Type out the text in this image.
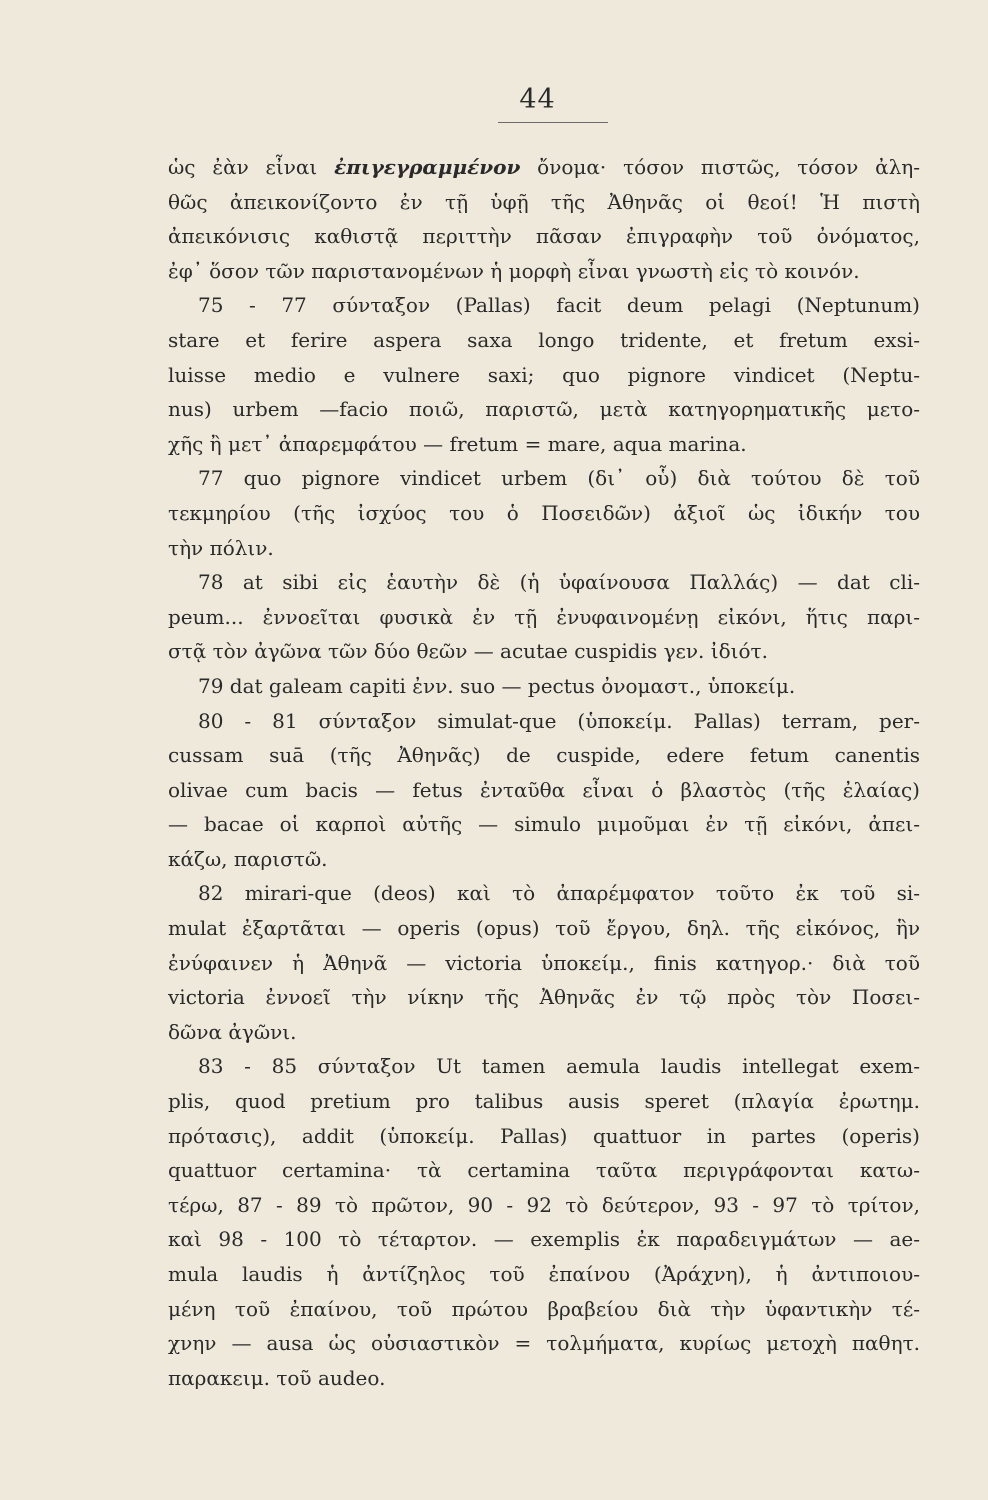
44
ὡς ἐὰν εἶναι ἐπιγεγραμμένον ὄνομα· τόσον πιστῶς, τόσον ἀλη-
θῶς ἀπεικονίζοντο ἐν τῇ ὑφῇ τῆς Ἀθηνᾶς οἱ θεοί! Ἡ πιστὴ
ἀπεικόνισις καθιστᾷ περιττὴν πᾶσαν ἐπιγραφὴν τοῦ ὀνόματος,
ἐφ᾽ ὅσον τῶν παριστανομένων ἡ μορφὴ εἶναι γνωστὴ εἰς τὸ κοινόν.
75 - 77 σύνταξον (Pallas) facit deum pelagi (Neptunum)
stare et ferire aspera saxa longo tridente, et fretum exsi-
luisse medio e vulnere saxi; quo pignore vindicet (Neptu-
nus) urbem —facio ποιῶ, παριστῶ, μετὰ κατηγορηματικῆς μετο-
χῆς ἢ μετ᾽ ἀπαρεμφάτου — fretum = mare, aqua marina.
77 quo pignore vindicet urbem (δι᾽ οὗ) διὰ τούτου δὲ τοῦ
τεκμηρίου (τῆς ἰσχύος του ὁ Ποσειδῶν) ἀξιοῖ ὡς ἰδικήν του
τὴν πόλιν.
78 at sibi εἰς ἑαυτὴν δὲ (ἡ ὑφαίνουσα Παλλάς) — dat cli-
peum... ἐννοεῖται φυσικὰ ἐν τῇ ἐνυφαινομένῃ εἰκόνι, ἥτις παρι-
στᾷ τὸν ἀγῶνα τῶν δύο θεῶν — acutae cuspidis γεν. ἰδιότ.
79 dat galeam capiti ἐνν. suo — pectus ὀνομαστ., ὑποκείμ.
80 - 81 σύνταξον simulat-que (ὑποκείμ. Pallas) terram, per-
cussam suā (τῆς Ἀθηνᾶς) de cuspide, edere fetum canentis
olivae cum bacis — fetus ἐνταῦθα εἶναι ὁ βλαστὸς (τῆς ἐλαίας)
— bacae οἱ καρποὶ αὐτῆς — simulo μιμοῦμαι ἐν τῇ εἰκόνι, ἀπει-
κάζω, παριστῶ.
82 mirari-que (deos) καὶ τὸ ἀπαρέμφατον τοῦτο ἐκ τοῦ si-
mulat ἐξαρτᾶται — operis (opus) τοῦ ἔργου, δηλ. τῆς εἰκόνος, ἣν
ἐνύφαινεν ἡ Ἀθηνᾶ — victoria ὑποκείμ., finis κατηγορ.· διὰ τοῦ
victoria ἐννοεῖ τὴν νίκην τῆς Ἀθηνᾶς ἐν τῷ πρὸς τὸν Ποσει-
δῶνα ἀγῶνι.
83 - 85 σύνταξον Ut tamen aemula laudis intellegat exem-
plis, quod pretium pro talibus ausis speret (πλαγία ἐρωτημ.
πρότασις), addit (ὑποκείμ. Pallas) quattuor in partes (operis)
quattuor certamina· τὰ certamina ταῦτα περιγράφονται κατω-
τέρω, 87 - 89 τὸ πρῶτον, 90 - 92 τὸ δεύτερον, 93 - 97 τὸ τρίτον,
καὶ 98 - 100 τὸ τέταρτον. — exemplis ἐκ παραδειγμάτων — ae-
mula laudis ἡ ἀντίζηλος τοῦ ἐπαίνου (Ἀράχνη), ἡ ἀντιποιου-
μένη τοῦ ἐπαίνου, τοῦ πρώτου βραβείου διὰ τὴν ὑφαντικὴν τέ-
χνην — ausa ὡς οὐσιαστικὸν = τολμήματα, κυρίως μετοχὴ παθητ.
παρακειμ. τοῦ audeo.
